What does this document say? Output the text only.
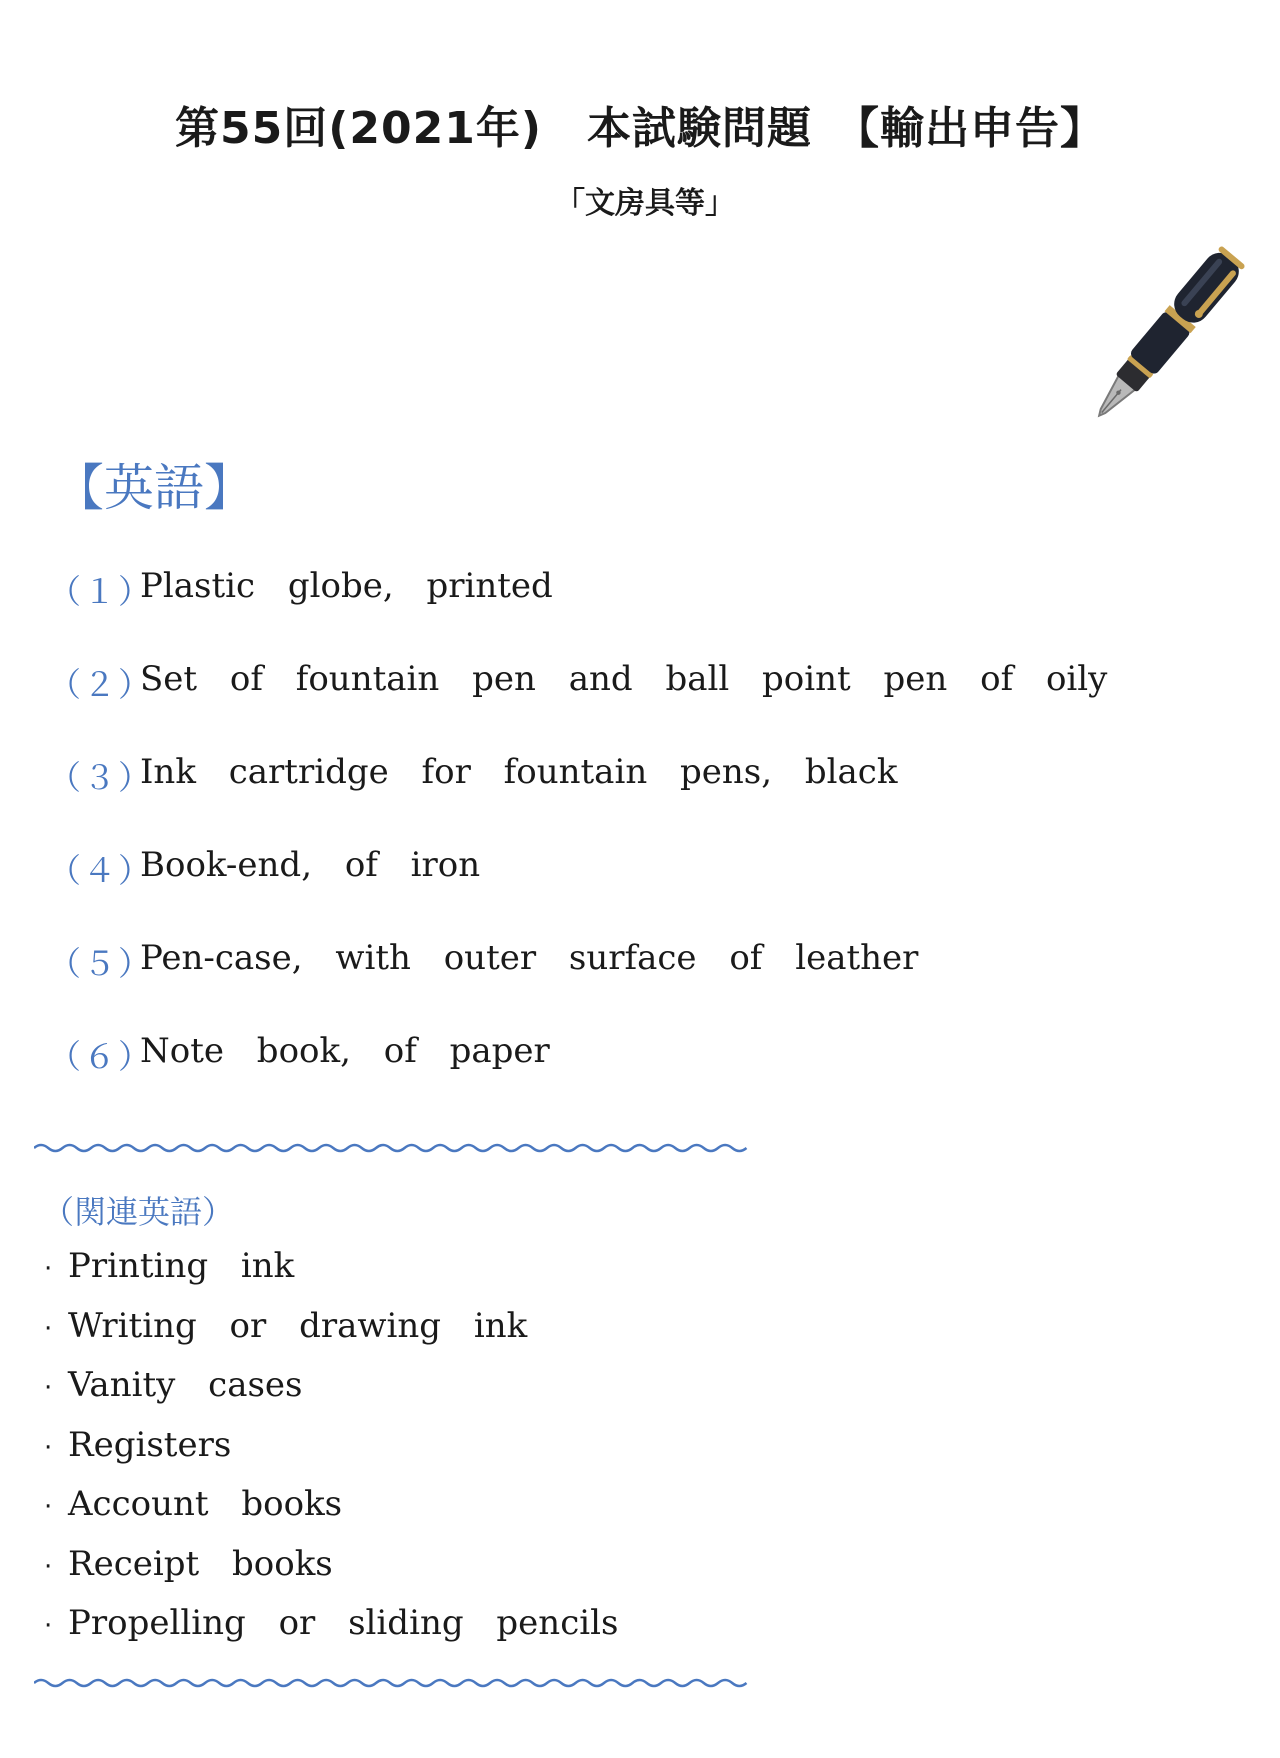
第55回(2021年)　本試験問題　【輸出申告】
「文房具等」
【英語】
（１）
Plastic globe, printed
（２）
Set of fountain pen and ball point pen of oily
（３）
Ink cartridge for fountain pens, black
（４）
Book-end, of iron
（５）
Pen-case, with outer surface of leather
（６）
Note book, of paper
（関連英語）
· Printing ink
· Writing or drawing ink
· Vanity cases
· Registers
· Account books
· Receipt books
· Propelling or sliding pencils
